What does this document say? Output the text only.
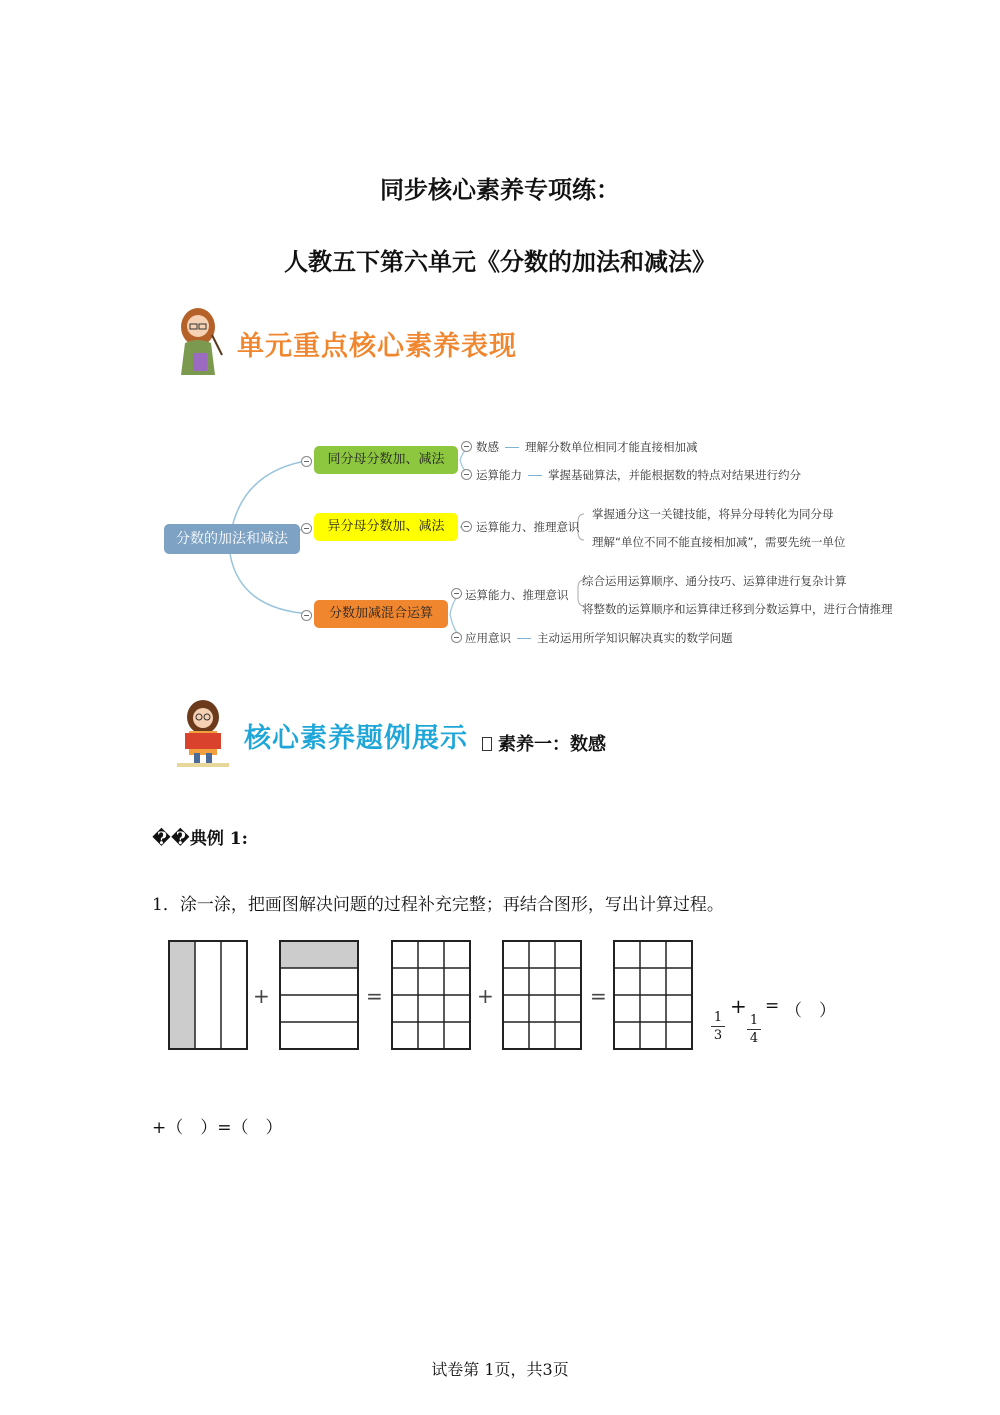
同步核心素养专项练：
人教五下第六单元《分数的加法和减法》
单元重点核心素养表现
分数的加法和减法
同分母分数加、减法
异分母分数加、减法
分数加减混合运算
数感 理解分数单位相同才能直接相加减
运算能力 掌握基础算法，并能根据数的特点对结果进行约分
运算能力、推理意识
掌握通分这一关键技能，将异分母转化为同分母
理解“单位不同不能直接相加减”，需要先统一单位
运算能力、推理意识
综合运用运算顺序、通分技巧、运算律进行复杂计算
将整数的运算顺序和运算律迁移到分数运算中，进行合情推理
应用意识 主动运用所学知识解决真实的数学问题
核心素养题例展示	素养一：数感
��典例 1:
1．涂一涂，把画图解决问题的过程补充完整；再结合图形，写出计算过程。
+	=	+	=
$\frac{1}{3}$
+
$\frac{1}{4}$
= （　）
+（　）=（　）
试卷第 1页，共3页
